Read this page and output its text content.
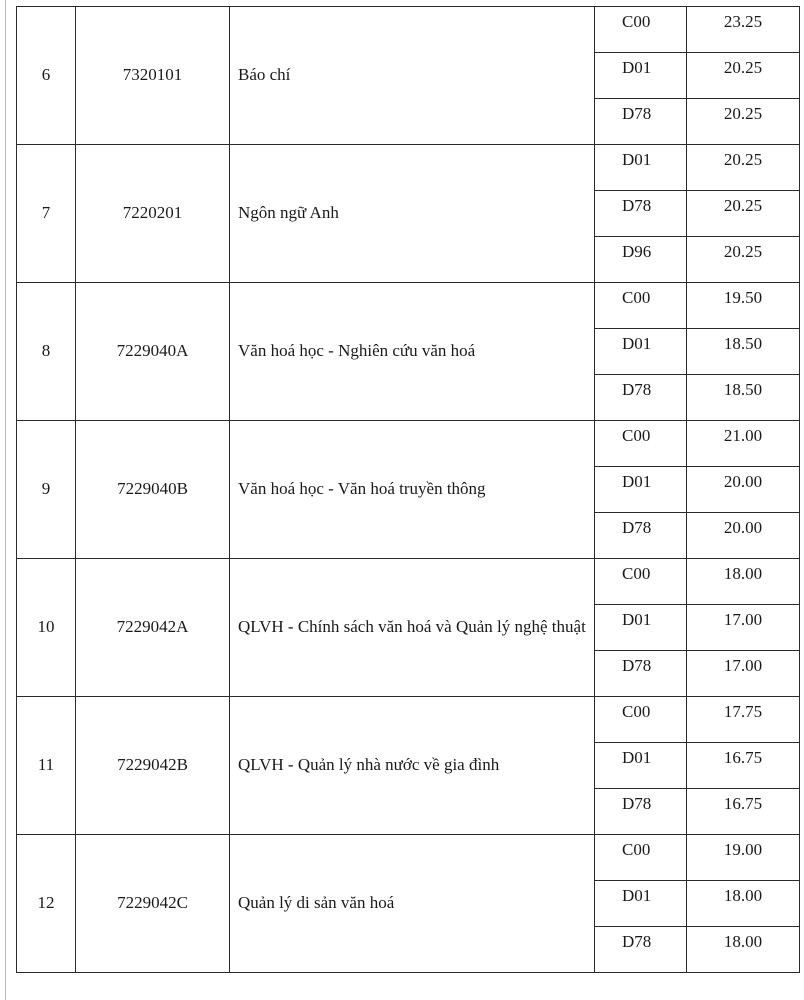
6	7320101	Báo chí	C00	23.25
			D01	20.25
			D78	20.25
7	7220201	Ngôn ngữ Anh	D01	20.25
			D78	20.25
			D96	20.25
8	7229040A	Văn hoá học - Nghiên cứu văn hoá	C00	19.50
			D01	18.50
			D78	18.50
9	7229040B	Văn hoá học - Văn hoá truyền thông	C00	21.00
			D01	20.00
			D78	20.00
10	7229042A	QLVH - Chính sách văn hoá và Quản lý nghệ thuật	C00	18.00
			D01	17.00
			D78	17.00
11	7229042B	QLVH - Quản lý nhà nước về gia đình	C00	17.75
			D01	16.75
			D78	16.75
12	7229042C	Quản lý di sản văn hoá	C00	19.00
			D01	18.00
			D78	18.00
